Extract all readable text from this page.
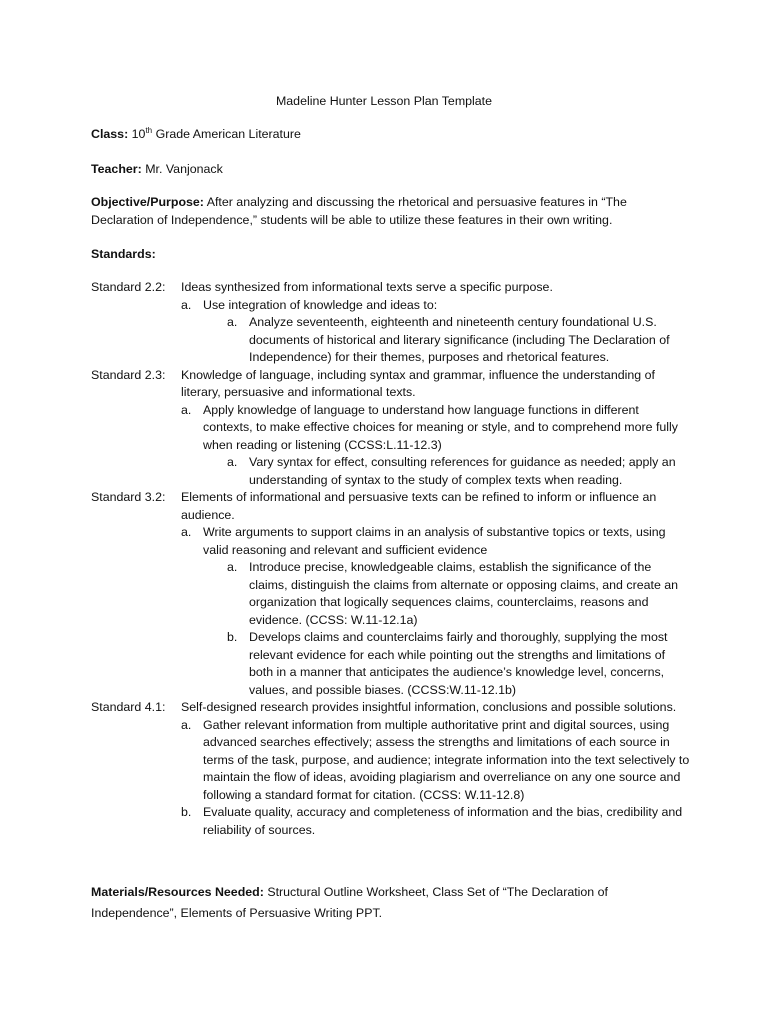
Madeline Hunter Lesson Plan Template
Class: 10th Grade American Literature
Teacher: Mr. Vanjonack
Objective/Purpose: After analyzing and discussing the rhetorical and persuasive features in “The
Declaration of Independence,” students will be able to utilize these features in their own writing.
Standards:
Standard 2.2:	Ideas synthesized from informational texts serve a specific purpose.
a. Use integration of knowledge and ideas to:
a. Analyze seventeenth, eighteenth and nineteenth century foundational U.S. documents of historical and literary significance (including The Declaration of Independence) for their themes, purposes and rhetorical features.
Standard 2.3:	Knowledge of language, including syntax and grammar, influence the understanding of literary, persuasive and informational texts.
a. Apply knowledge of language to understand how language functions in different contexts, to make effective choices for meaning or style, and to comprehend more fully when reading or listening (CCSS:L.11-12.3)
a. Vary syntax for effect, consulting references for guidance as needed; apply an understanding of syntax to the study of complex texts when reading.
Standard 3.2:	Elements of informational and persuasive texts can be refined to inform or influence an audience.
a. Write arguments to support claims in an analysis of substantive topics or texts, using valid reasoning and relevant and sufficient evidence
a. Introduce precise, knowledgeable claims, establish the significance of the claims, distinguish the claims from alternate or opposing claims, and create an organization that logically sequences claims, counterclaims, reasons and evidence. (CCSS: W.11-12.1a)
b. Develops claims and counterclaims fairly and thoroughly, supplying the most relevant evidence for each while pointing out the strengths and limitations of both in a manner that anticipates the audience’s knowledge level, concerns, values, and possible biases. (CCSS:W.11-12.1b)
Standard 4.1:	Self-designed research provides insightful information, conclusions and possible solutions.
a. Gather relevant information from multiple authoritative print and digital sources, using advanced searches effectively; assess the strengths and limitations of each source in terms of the task, purpose, and audience; integrate information into the text selectively to maintain the flow of ideas, avoiding plagiarism and overreliance on any one source and following a standard format for citation. (CCSS: W.11-12.8)
b. Evaluate quality, accuracy and completeness of information and the bias, credibility and reliability of sources.
Materials/Resources Needed: Structural Outline Worksheet, Class Set of “The Declaration of Independence”, Elements of Persuasive Writing PPT.
